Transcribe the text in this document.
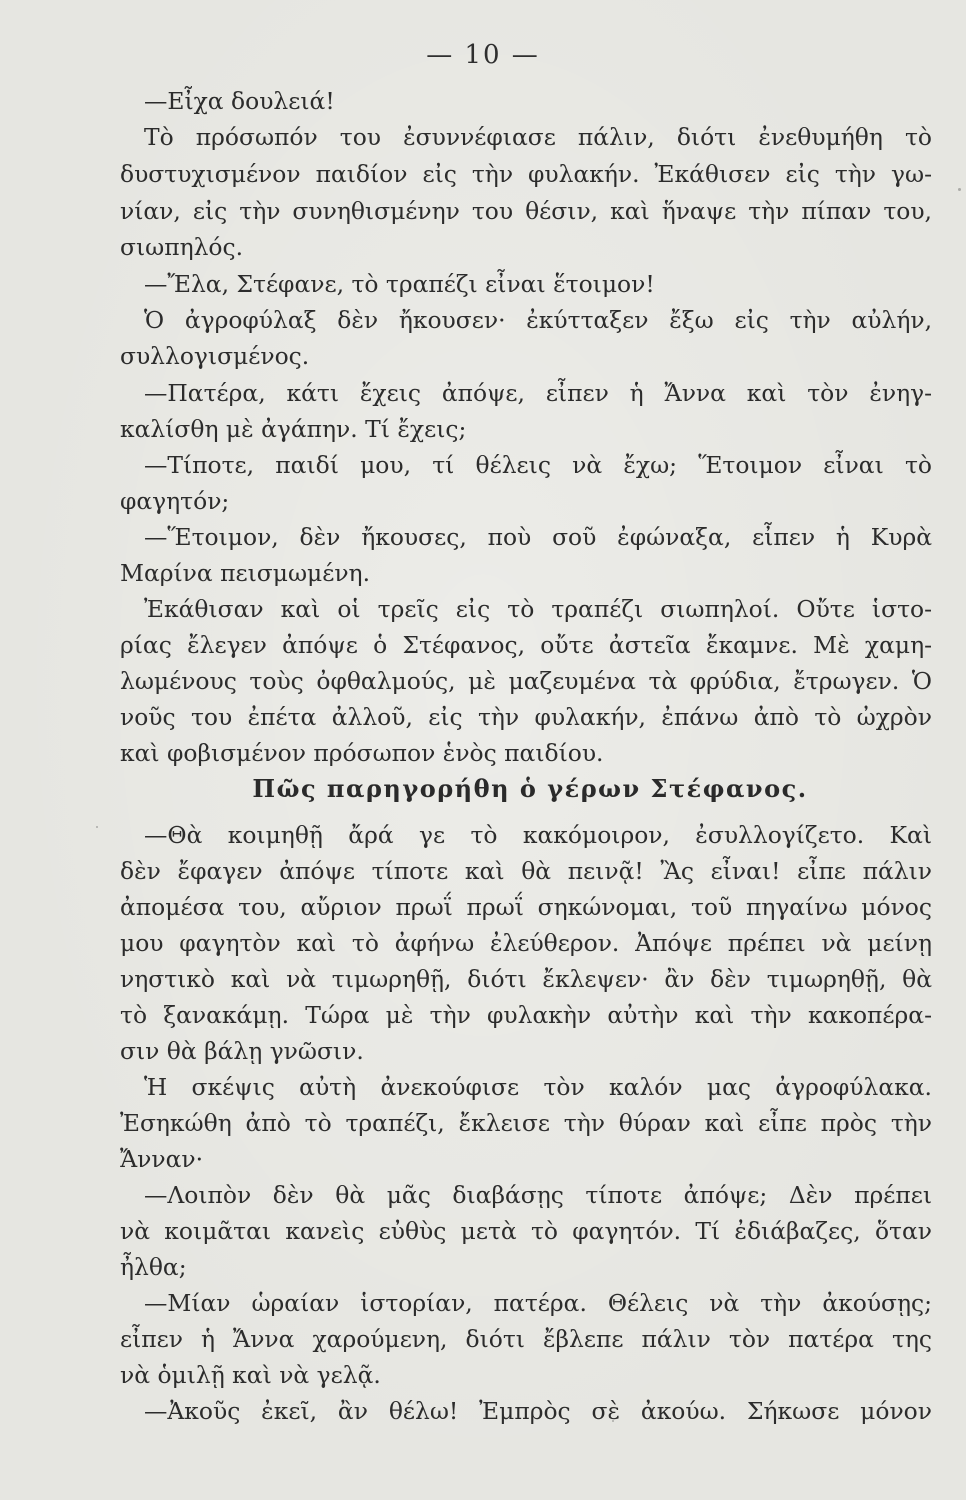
— 10 —
—Εἶχα δουλειά!
Τὸ πρόσωπόν του ἐσυννέφιασε πάλιν, διότι ἐνεθυμήθη τὸ
δυστυχισμένον παιδίον εἰς τὴν φυλακήν. Ἐκάθισεν εἰς τὴν γω-
νίαν, εἰς τὴν συνηθισμένην του θέσιν, καὶ ἥναψε τὴν πίπαν του,
σιωπηλός.
—Ἔλα, Στέφανε, τὸ τραπέζι εἶναι ἕτοιμον!
Ὁ ἀγροφύλαξ δὲν ἤκουσεν· ἐκύτταξεν ἔξω εἰς τὴν αὐλήν,
συλλογισμένος.
—Πατέρα, κάτι ἔχεις ἀπόψε, εἶπεν ἡ Ἄννα καὶ τὸν ἐνηγ-
καλίσθη μὲ ἀγάπην. Τί ἔχεις;
—Τίποτε, παιδί μου, τί θέλεις νὰ ἔχω; Ἕτοιμον εἶναι τὸ
φαγητόν;
—Ἕτοιμον, δὲν ἤκουσες, ποὺ σοῦ ἐφώναξα, εἶπεν ἡ Κυρὰ
Μαρίνα πεισμωμένη.
Ἐκάθισαν καὶ οἱ τρεῖς εἰς τὸ τραπέζι σιωπηλοί. Οὔτε ἱστο-
ρίας ἔλεγεν ἀπόψε ὁ Στέφανος, οὔτε ἀστεῖα ἔκαμνε. Μὲ χαμη-
λωμένους τοὺς ὀφθαλμούς, μὲ μαζευμένα τὰ φρύδια, ἔτρωγεν. Ὁ
νοῦς του ἐπέτα ἀλλοῦ, εἰς τὴν φυλακήν, ἐπάνω ἀπὸ τὸ ὠχρὸν
καὶ φοβισμένον πρόσωπον ἑνὸς παιδίου.
Πῶς παρηγορήθη ὁ γέρων Στέφανος.
—Θὰ κοιμηθῇ ἄρά γε τὸ κακόμοιρον, ἐσυλλογίζετο. Καὶ
δὲν ἔφαγεν ἀπόψε τίποτε καὶ θὰ πεινᾷ! Ἂς εἶναι! εἶπε πάλιν
ἀπομέσα του, αὔριον πρωΐ πρωΐ σηκώνομαι, τοῦ πηγαίνω μόνος
μου φαγητὸν καὶ τὸ ἀφήνω ἐλεύθερον. Ἀπόψε πρέπει νὰ μείνῃ
νηστικὸ καὶ νὰ τιμωρηθῇ, διότι ἔκλεψεν· ἂν δὲν τιμωρηθῇ, θὰ
τὸ ξανακάμῃ. Τώρα μὲ τὴν φυλακὴν αὐτὴν καὶ τὴν κακοπέρα-
σιν θὰ βάλῃ γνῶσιν.
Ἡ σκέψις αὐτὴ ἀνεκούφισε τὸν καλόν μας ἀγροφύλακα.
Ἐσηκώθη ἀπὸ τὸ τραπέζι, ἔκλεισε τὴν θύραν καὶ εἶπε πρὸς τὴν
Ἄνναν·
—Λοιπὸν δὲν θὰ μᾶς διαβάσῃς τίποτε ἀπόψε; Δὲν πρέπει
νὰ κοιμᾶται κανεὶς εὐθὺς μετὰ τὸ φαγητόν. Τί ἐδιάβαζες, ὅταν
ἦλθα;
—Μίαν ὡραίαν ἱστορίαν, πατέρα. Θέλεις νὰ τὴν ἀκούσῃς;
εἶπεν ἡ Ἄννα χαρούμενη, διότι ἔβλεπε πάλιν τὸν πατέρα της
νὰ ὁμιλῇ καὶ νὰ γελᾷ.
—Ἀκοῦς ἐκεῖ, ἂν θέλω! Ἐμπρὸς σὲ ἀκούω. Σήκωσε μόνον
